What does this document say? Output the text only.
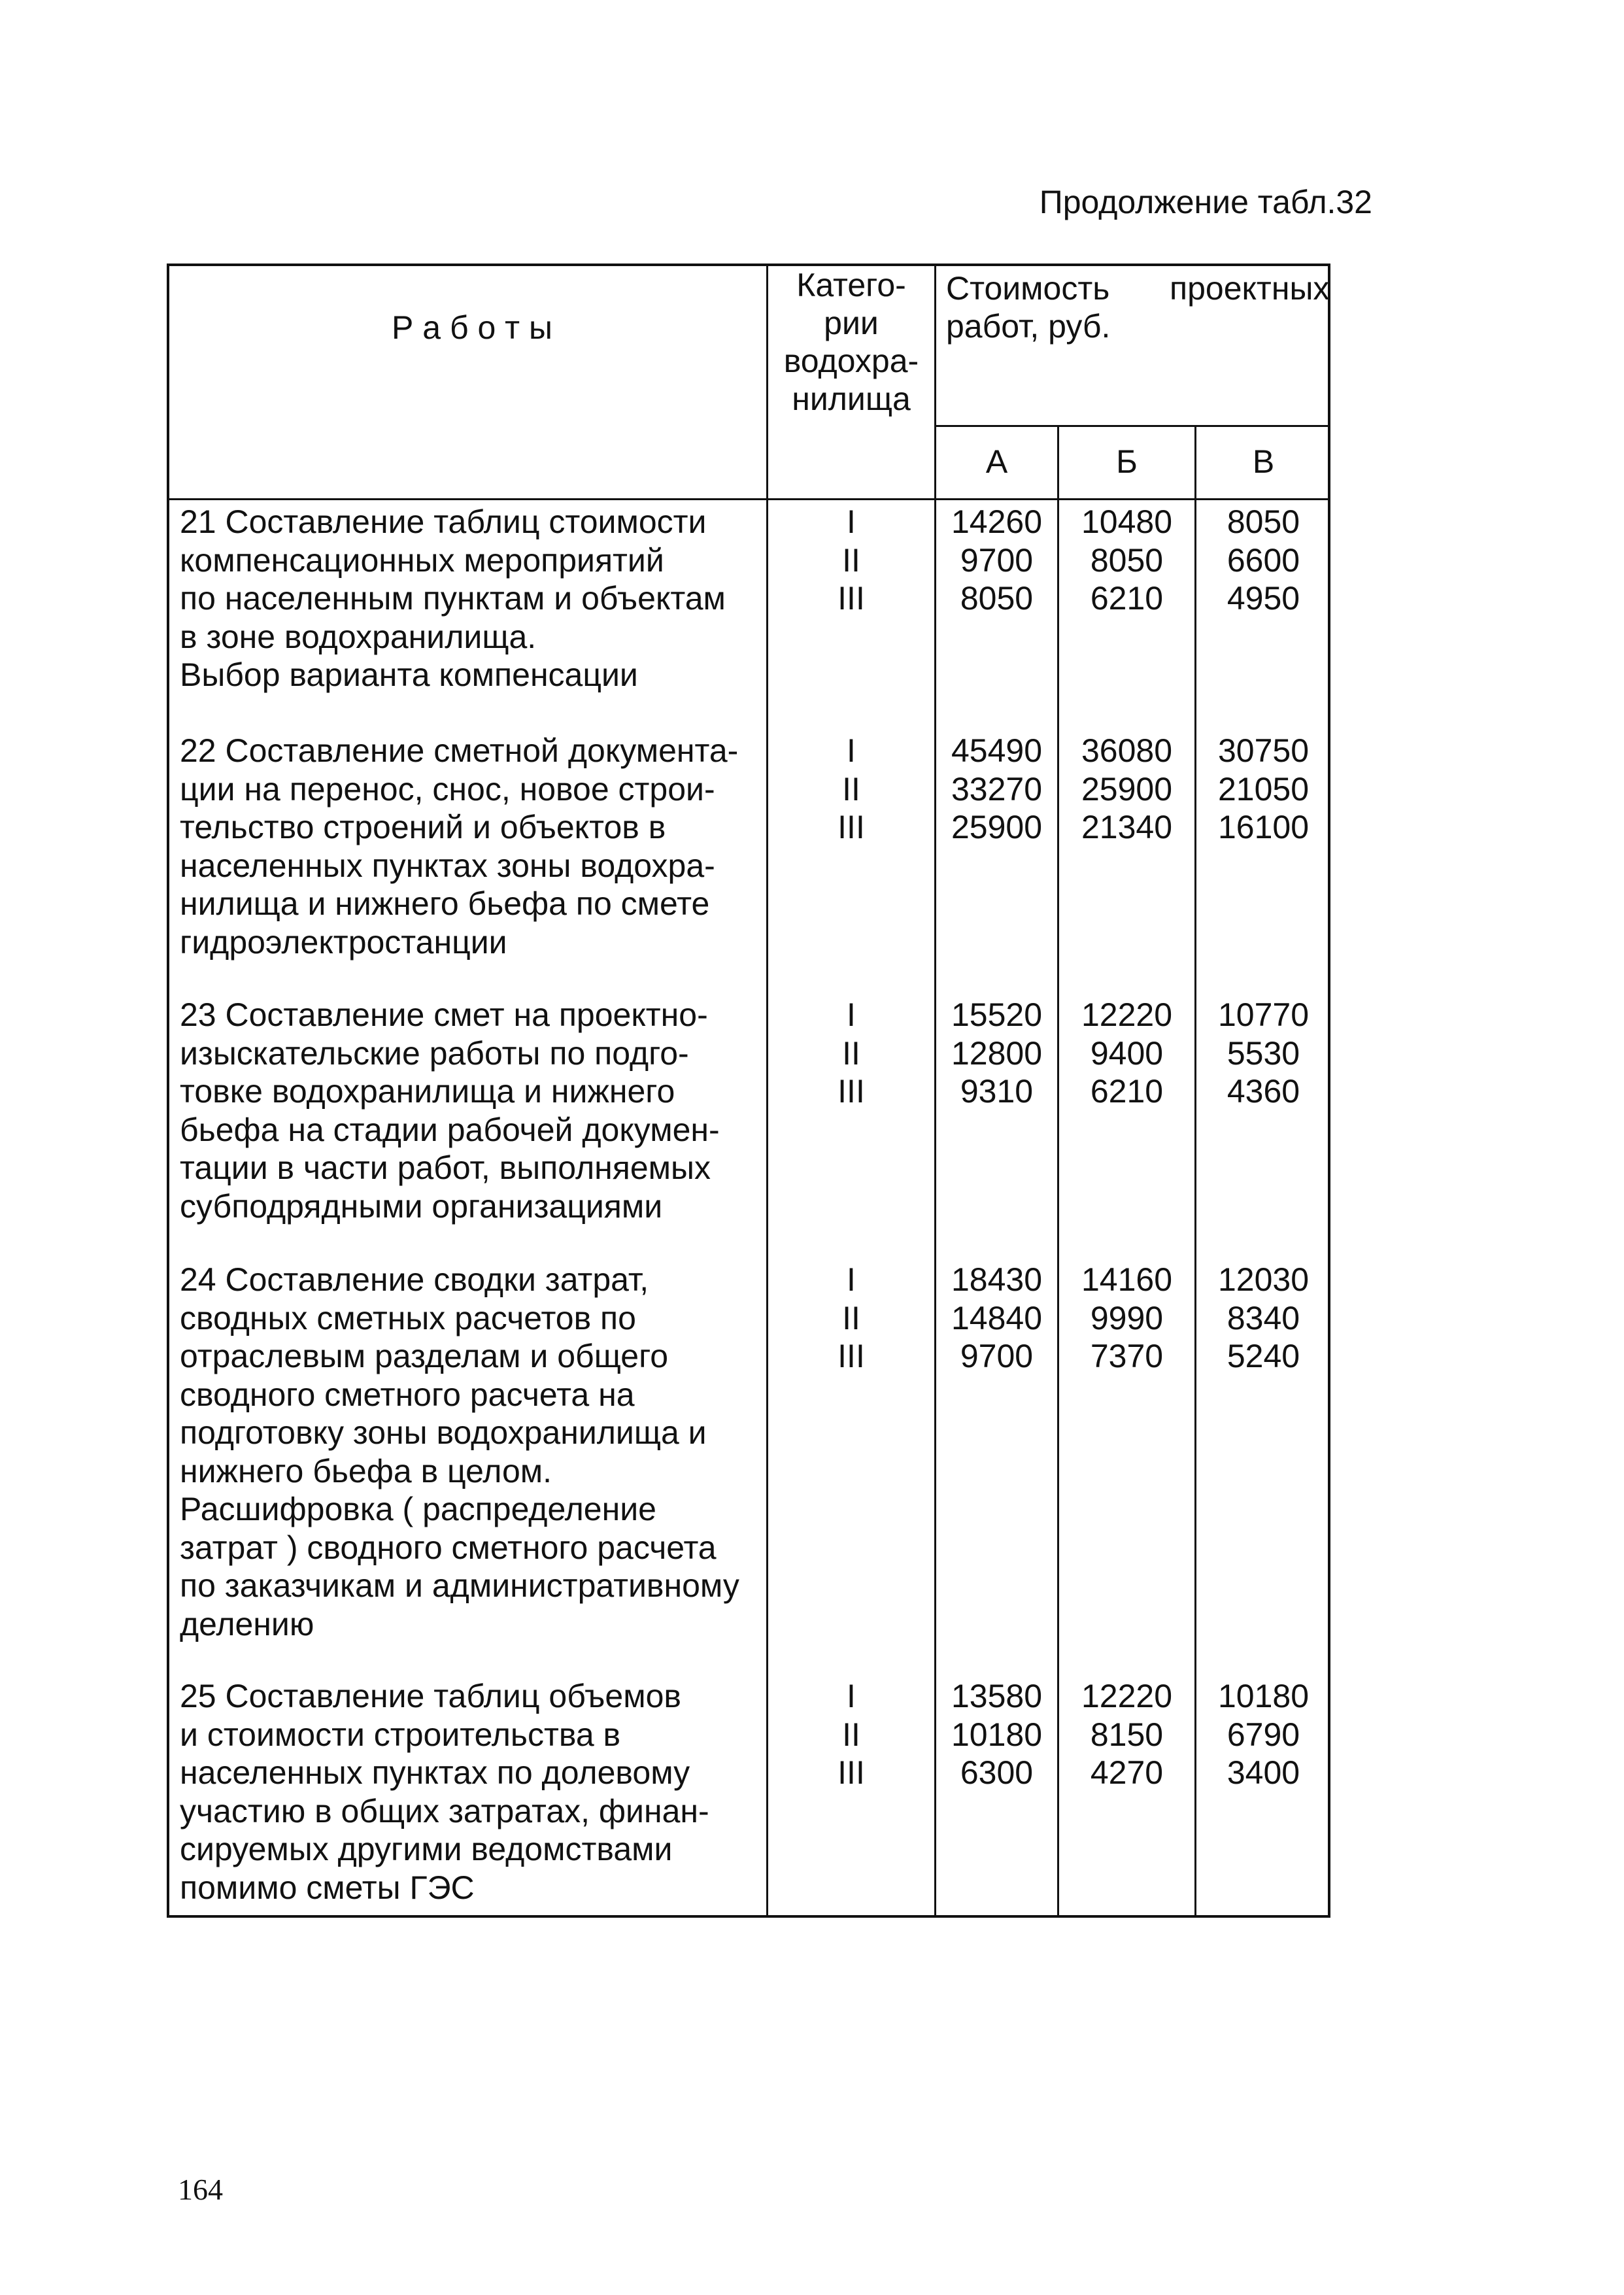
Продолжение табл.32
Р а б о т ы
Катего-
рии
водохра-
нилища
Стоимость проектных
работ, руб.
А	Б	В
21 Составление таблиц стоимости
компенсационных мероприятий
по населенным пунктам и объектам
в зоне водохранилища.
Выбор варианта компенсации
I
II
III
14260
9700
8050
10480
8050
6210
8050
6600
4950
22 Составление сметной документа-
ции на перенос, снос, новое строи-
тельство строений и объектов в
населенных пунктах зоны водохра-
нилища и нижнего бьефа по смете
гидроэлектростанции
I
II
III
45490
33270
25900
36080
25900
21340
30750
21050
16100
23 Составление смет на проектно-
изыскательские работы по подго-
товке водохранилища и нижнего
бьефа на стадии рабочей докумен-
тации в части работ, выполняемых
субподрядными организациями
I
II
III
15520
12800
9310
12220
9400
6210
10770
5530
4360
24 Составление сводки затрат,
сводных сметных расчетов по
отраслевым разделам и общего
сводного сметного расчета на
подготовку зоны водохранилища и
нижнего бьефа в целом.
Расшифровка ( распределение
затрат ) сводного сметного расчета
по заказчикам и административному
делению
I
II
III
18430
14840
9700
14160
9990
7370
12030
8340
5240
25 Составление таблиц объемов
и стоимости строительства в
населенных пунктах по долевому
участию в общих затратах, финан-
сируемых другими ведомствами
помимо сметы ГЭС
I
II
III
13580
10180
6300
12220
8150
4270
10180
6790
3400
164
